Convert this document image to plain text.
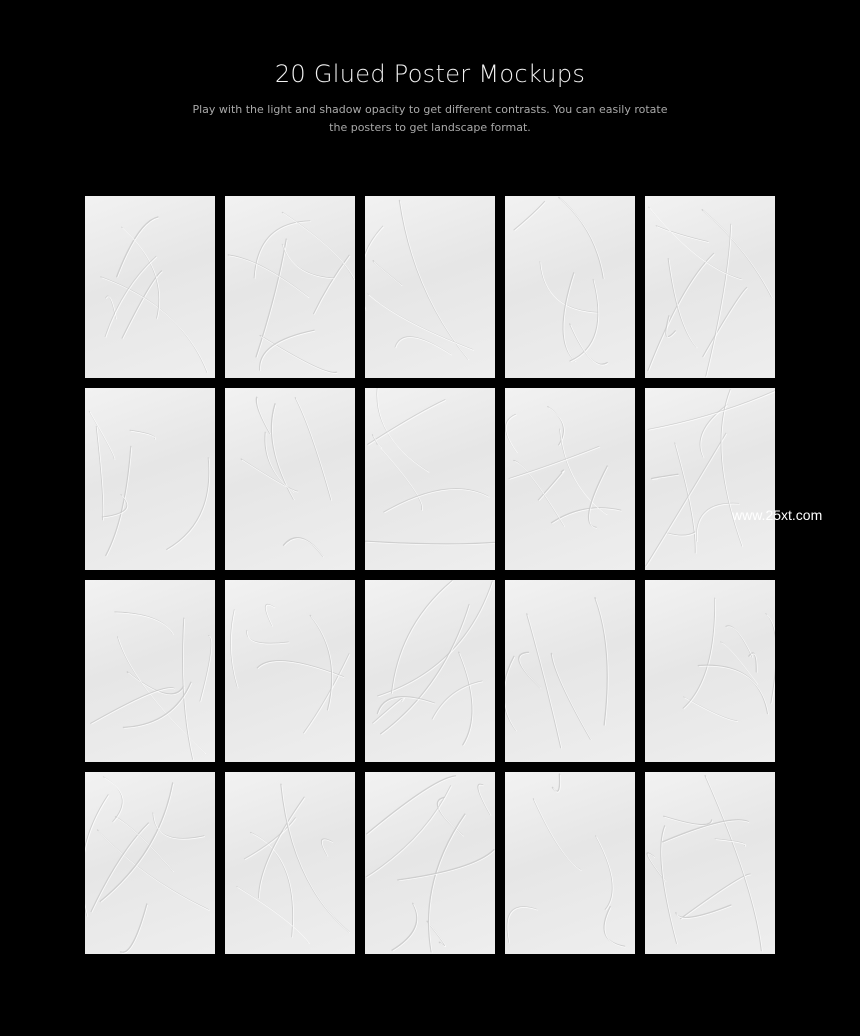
20 Glued Poster Mockups
Play with the light and shadow opacity to get different contrasts. You can easily rotate the posters to get landscape format.
www.25xt.com
